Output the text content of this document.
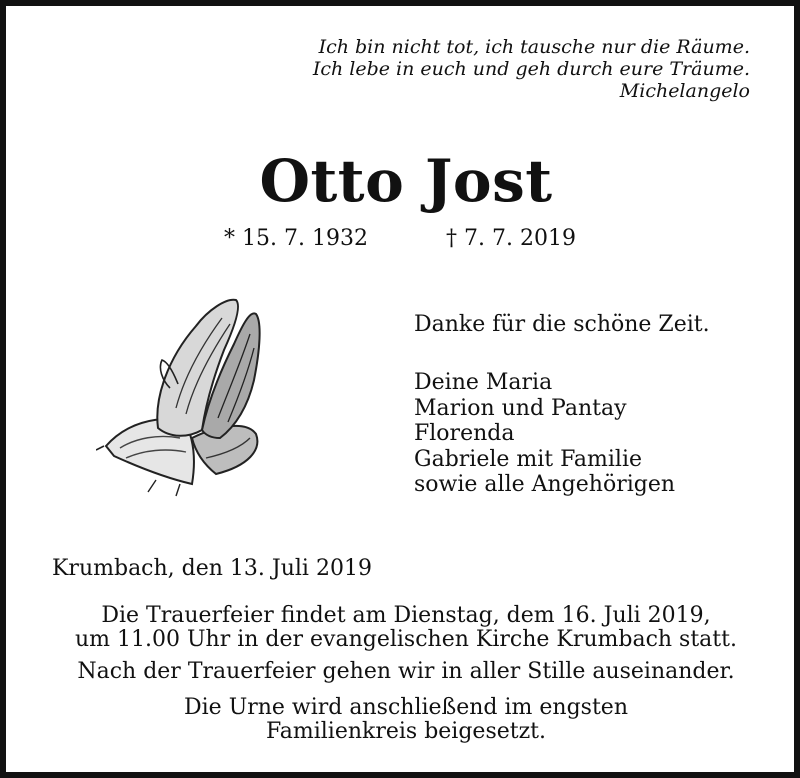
Ich bin nicht tot, ich tausche nur die Räume.
Ich lebe in euch und geh durch eure Träume.
Michelangelo
Otto Jost
* 15. 7. 1932	† 7. 7. 2019
Danke für die schöne Zeit.
Deine Maria
Marion und Pantay
Florenda
Gabriele mit Familie
sowie alle Angehörigen
Krumbach, den 13. Juli 2019
Die Trauerfeier findet am Dienstag, dem 16. Juli 2019,
um 11.00 Uhr in der evangelischen Kirche Krumbach statt.
Nach der Trauerfeier gehen wir in aller Stille auseinander.
Die Urne wird anschließend im engsten
Familienkreis beigesetzt.
